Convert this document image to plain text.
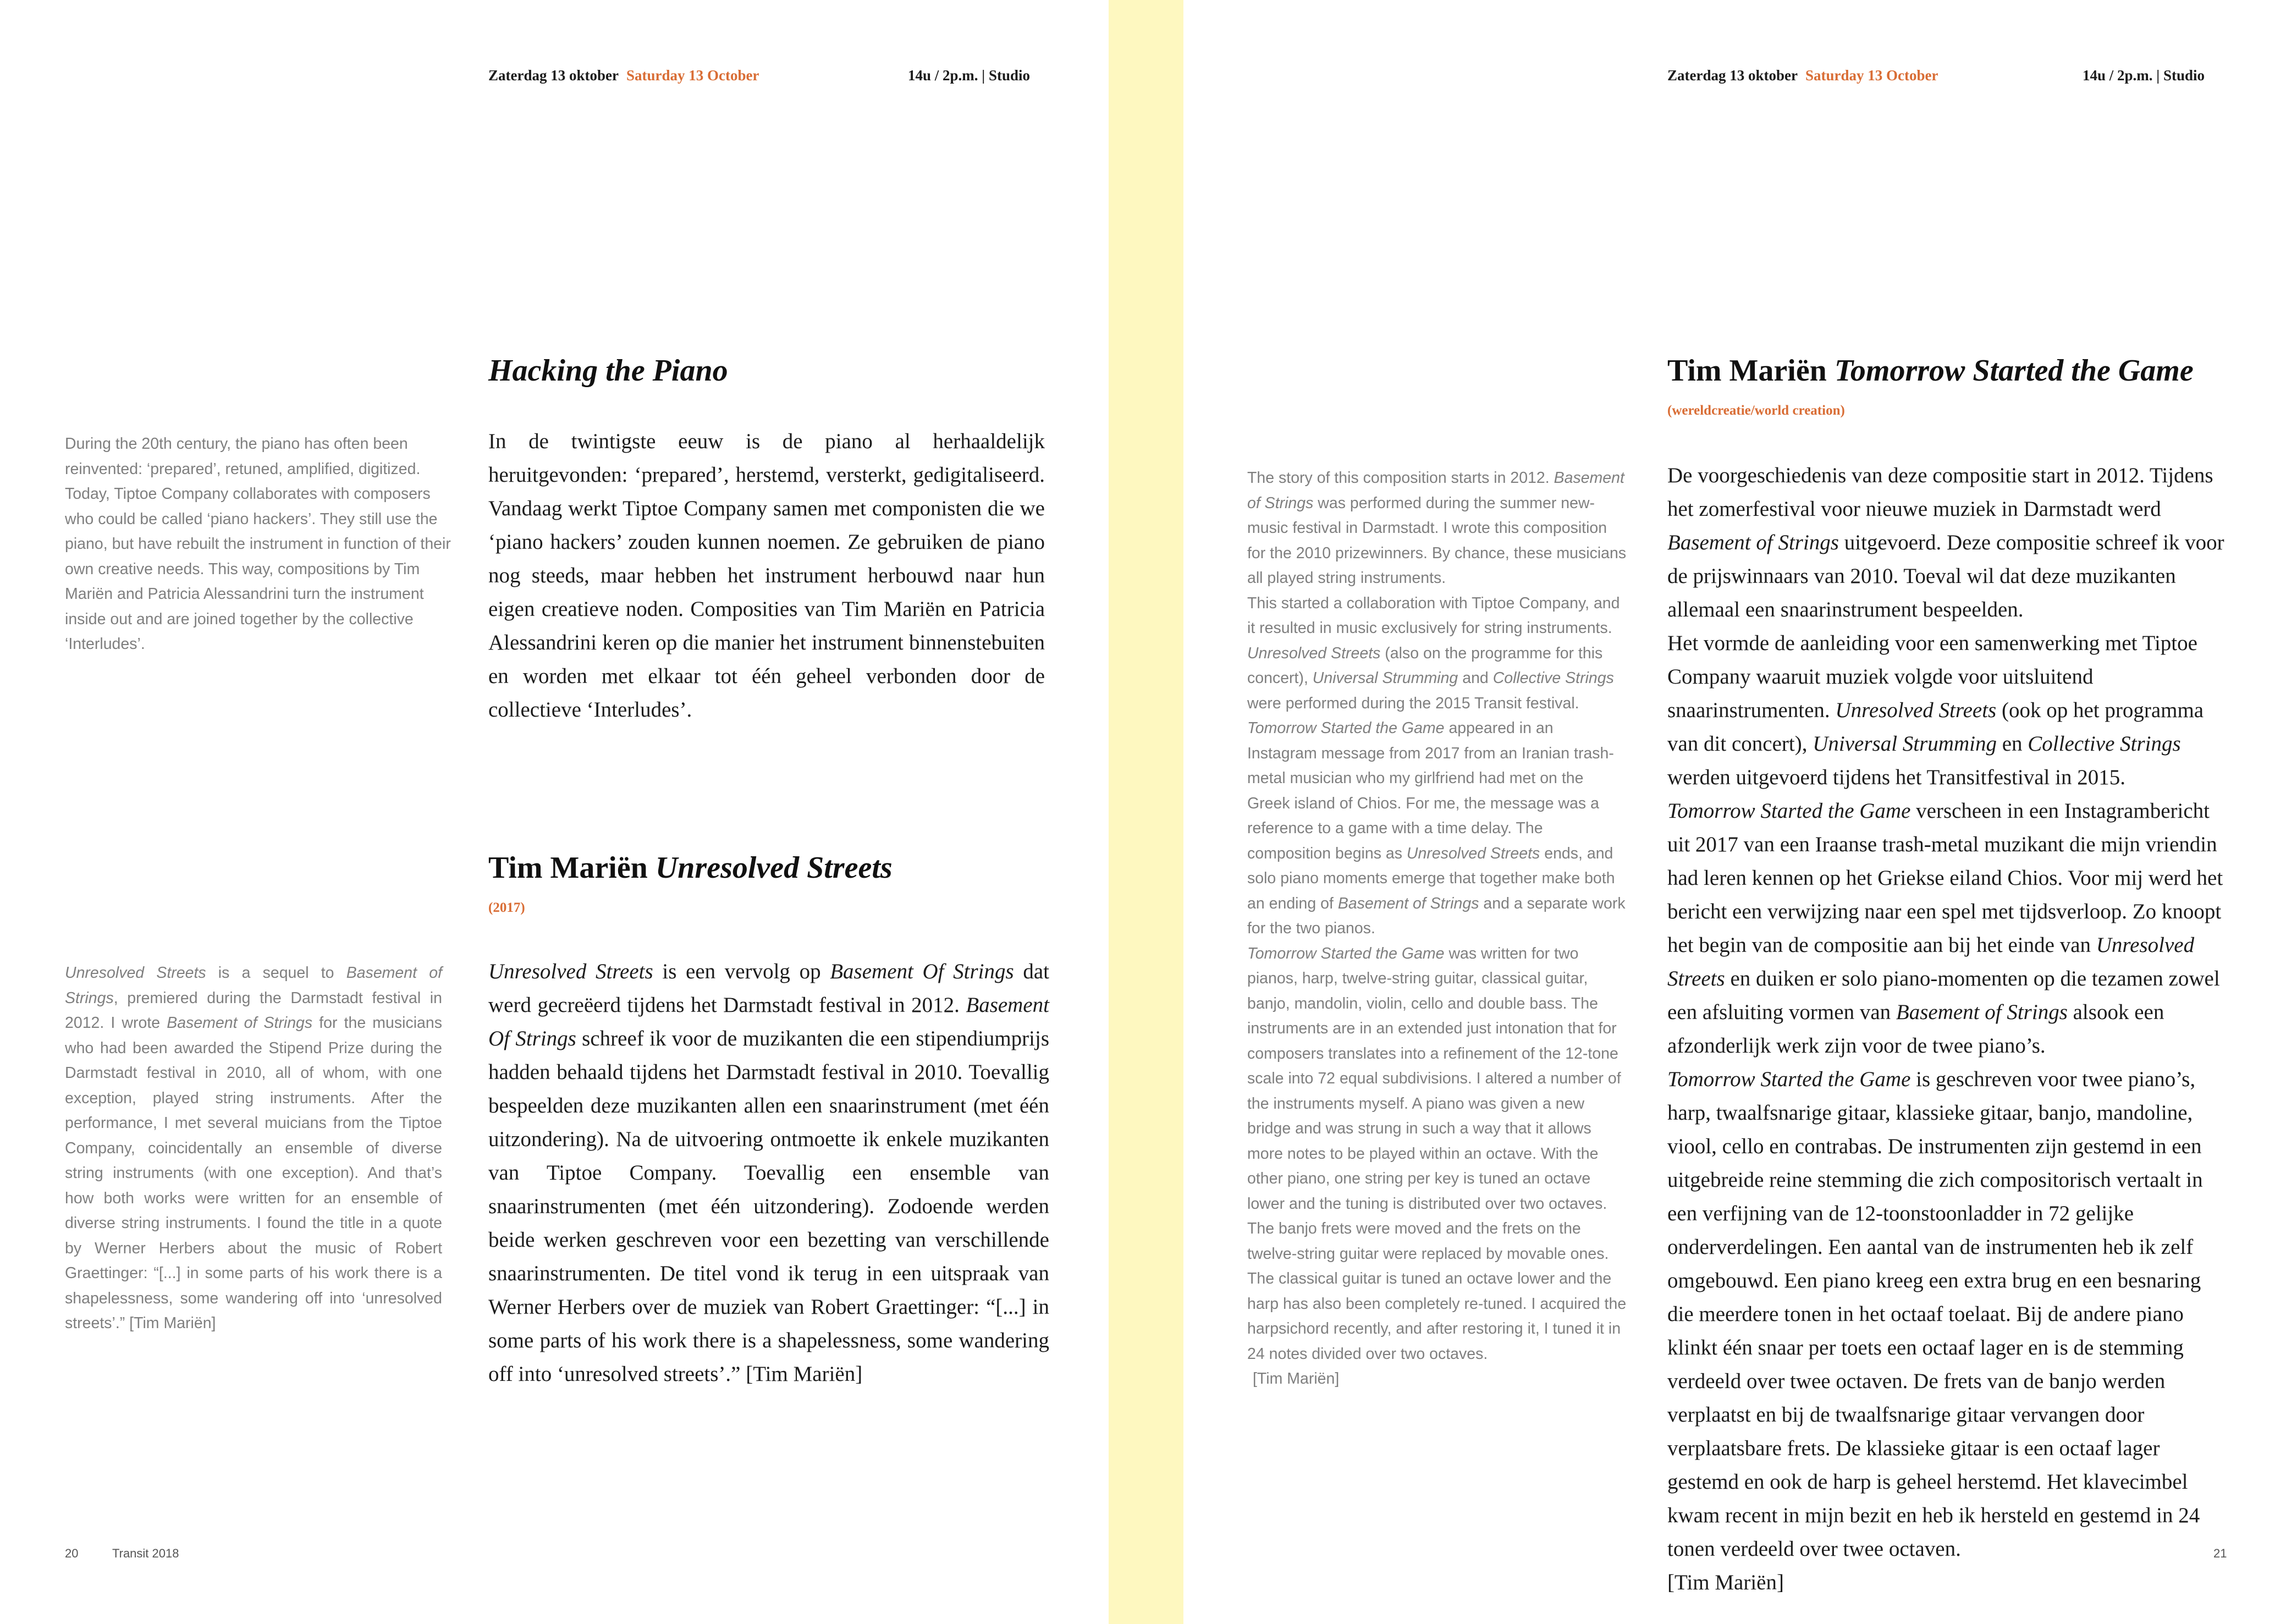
Zaterdag 13 oktober Saturday 13 October	14u / 2p.m. | Studio
Hacking the Piano

During the 20th century, the piano has often been reinvented: ‘prepared’, retuned, amplified, digitized. Today, Tiptoe Company collaborates with composers who could be called ‘piano hackers’. They still use the piano, but have rebuilt the instrument in function of their own creative needs. This way, compositions by Tim Mariën and Patricia Alessandrini turn the instrument inside out and are joined together by the collective ‘Interludes’.

In de twintigste eeuw is de piano al herhaaldelijk heruitgevonden: ‘prepared’, herstemd, versterkt, gedigitaliseerd. Vandaag werkt Tiptoe Company samen met componisten die we ‘piano hackers’ zouden kunnen noemen. Ze gebruiken de piano nog steeds, maar hebben het instrument herbouwd naar hun eigen creatieve noden. Composities van Tim Mariën en Patricia Alessandrini keren op die manier het instrument binnenstebuiten en worden met elkaar tot één geheel verbonden door de collectieve ‘Interludes’.

Tim Mariën Unresolved Streets
(2017)

Unresolved Streets is a sequel to Basement of Strings, premiered during the Darmstadt festival in 2012. I wrote Basement of Strings for the musicians who had been awarded the Stipend Prize during the Darmstadt festival in 2010, all of whom, with one exception, played string instruments. After the performance, I met several muicians from the Tiptoe Company, coincidentally an ensemble of diverse string instruments (with one exception). And that’s how both works were written for an ensemble of diverse string instruments. I found the title in a quote by Werner Herbers about the music of Robert Graettinger: “[...] in some parts of his work there is a shapelessness, some wandering off into ‘unresolved streets’.” [Tim Mariën]

Unresolved Streets is een vervolg op Basement Of Strings dat werd gecreëerd tijdens het Darmstadt festival in 2012. Basement Of Strings schreef ik voor de muzikanten die een stipendiumprijs hadden behaald tijdens het Darmstadt festival in 2010. Toevallig bespeelden deze muzikanten allen een snaarinstrument (met één uitzondering). Na de uitvoering ontmoette ik enkele muzikanten van Tiptoe Company. Toevallig een ensemble van snaarinstrumenten (met één uitzondering). Zodoende werden beide werken geschreven voor een bezetting van verschillende snaarinstrumenten. De titel vond ik terug in een uitspraak van Werner Herbers over de muziek van Robert Graettinger: “[...] in some parts of his work there is a shapelessness, some wandering off into ‘unresolved streets’.” [Tim Mariën]

20	Transit 2018
Zaterdag 13 oktober Saturday 13 October	14u / 2p.m. | Studio
Tim Mariën Tomorrow Started the Game
(wereldcreatie/world creation)

The story of this composition starts in 2012. Basement of Strings was performed during the summer new-music festival in Darmstadt. I wrote this composition for the 2010 prizewinners. By chance, these musicians all played string instruments.

This started a collaboration with Tiptoe Company, and it resulted in music exclusively for string instruments. Unresolved Streets (also on the programme for this concert), Universal Strumming and Collective Strings were performed during the 2015 Transit festival.

Tomorrow Started the Game appeared in an Instagram message from 2017 from an Iranian trash-metal musician who my girlfriend had met on the Greek island of Chios. For me, the message was a reference to a game with a time delay. The composition begins as Unresolved Streets ends, and solo piano moments emerge that together make both an ending of Basement of Strings and a separate work for the two pianos.

Tomorrow Started the Game was written for two pianos, harp, twelve-string guitar, classical guitar, banjo, mandolin, violin, cello and double bass. The instruments are in an extended just intonation that for composers translates into a refinement of the 12-tone scale into 72 equal subdivisions. I altered a number of the instruments myself. A piano was given a new bridge and was strung in such a way that it allows more notes to be played within an octave. With the other piano, one string per key is tuned an octave lower and the tuning is distributed over two octaves. The banjo frets were moved and the frets on the twelve-string guitar were replaced by movable ones. The classical guitar is tuned an octave lower and the harp has also been completely re-tuned. I acquired the harpsichord recently, and after restoring it, I tuned it in 24 notes divided over two octaves.

[Tim Mariën]

De voorgeschiedenis van deze compositie start in 2012. Tijdens het zomerfestival voor nieuwe muziek in Darmstadt werd Basement of Strings uitgevoerd. Deze compositie schreef ik voor de prijswinnaars van 2010. Toeval wil dat deze muzikanten allemaal een snaarinstrument bespeelden.

Het vormde de aanleiding voor een samenwerking met Tiptoe Company waaruit muziek volgde voor uitsluitend snaarinstrumenten. Unresolved Streets (ook op het programma van dit concert), Universal Strumming en Collective Strings werden uitgevoerd tijdens het Transitfestival in 2015.

Tomorrow Started the Game verscheen in een Instagrambericht uit 2017 van een Iraanse trash-metal muzikant die mijn vriendin had leren kennen op het Griekse eiland Chios. Voor mij werd het bericht een verwijzing naar een spel met tijdsverloop. Zo knoopt het begin van de compositie aan bij het einde van Unresolved Streets en duiken er solo piano-momenten op die tezamen zowel een afsluiting vormen van Basement of Strings alsook een afzonderlijk werk zijn voor de twee piano’s.

Tomorrow Started the Game is geschreven voor twee piano’s, harp, twaalfsnarige gitaar, klassieke gitaar, banjo, mandoline, viool, cello en contrabas. De instrumenten zijn gestemd in een uitgebreide reine stemming die zich compositorisch vertaalt in een verfijning van de 12-toonstoonladder in 72 gelijke onderverdelingen. Een aantal van de instrumenten heb ik zelf omgebouwd. Een piano kreeg een extra brug en een besnaring die meerdere tonen in het octaaf toelaat. Bij de andere piano klinkt één snaar per toets een octaaf lager en is de stemming verdeeld over twee octaven. De frets van de banjo werden verplaatst en bij de twaalfsnarige gitaar vervangen door verplaatsbare frets. De klassieke gitaar is een octaaf lager gestemd en ook de harp is geheel herstemd. Het klavecimbel kwam recent in mijn bezit en heb ik hersteld en gestemd in 24 tonen verdeeld over twee octaven.

[Tim Mariën]

21
